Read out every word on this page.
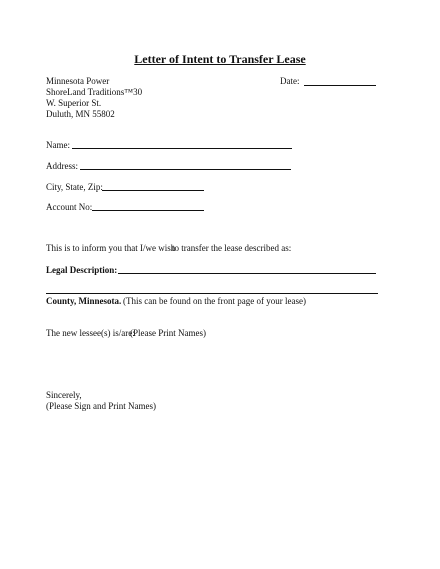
Letter of Intent to Transfer Lease
Minnesota Power
ShoreLand Traditions™30
W. Superior St.
Duluth, MN 55802
Date:
Name:
Address:
City, State, Zip:
Account No:
This is to inform you that I/we wish
to transfer the lease described as:
Legal Description:
County, Minnesota. (This can be found on the front page of your lease)
The new lessee(s) is/are:
(Please Print Names)
Sincerely,
(Please Sign and Print Names)
